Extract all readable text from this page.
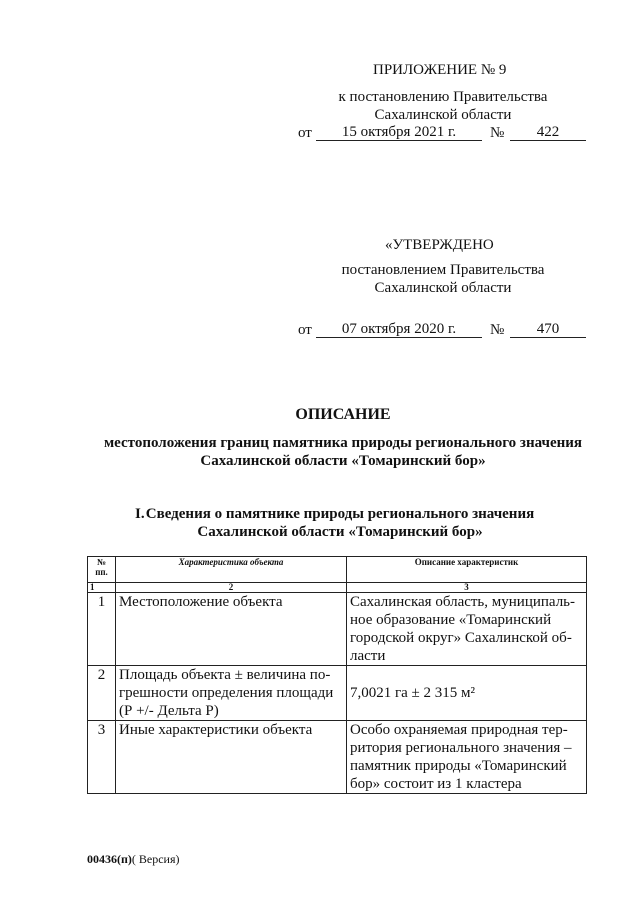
ПРИЛОЖЕНИЕ № 9
к постановлению Правительства
Сахалинской области
от	15 октября 2021 г.	№	422
«УТВЕРЖДЕНО
постановлением Правительства
Сахалинской области
от	07 октября 2020 г.	№	470
ОПИСАНИЕ
местоположения границ памятника природы регионального значения
Сахалинской области «Томаринский бор»
I. Сведения о памятнике природы регионального значения
Сахалинской области «Томаринский бор»
№
пп.	Характеристика объекта	Описание характеристик
1	2	3
1	Местоположение объекта	Сахалинская область, муниципаль-
ное образование «Томаринский
городской округ» Сахалинской об-
ласти

2	Площадь объекта ± величина по-
грешности определения площади
(Р +/- Дельта Р)	7,0021 га ± 2 315 м²

3	Иные характеристики объекта	Особо охраняемая природная тер-
ритория регионального значения –
памятник природы «Томаринский
бор» состоит из 1 кластера
00436(п)( Версия)
